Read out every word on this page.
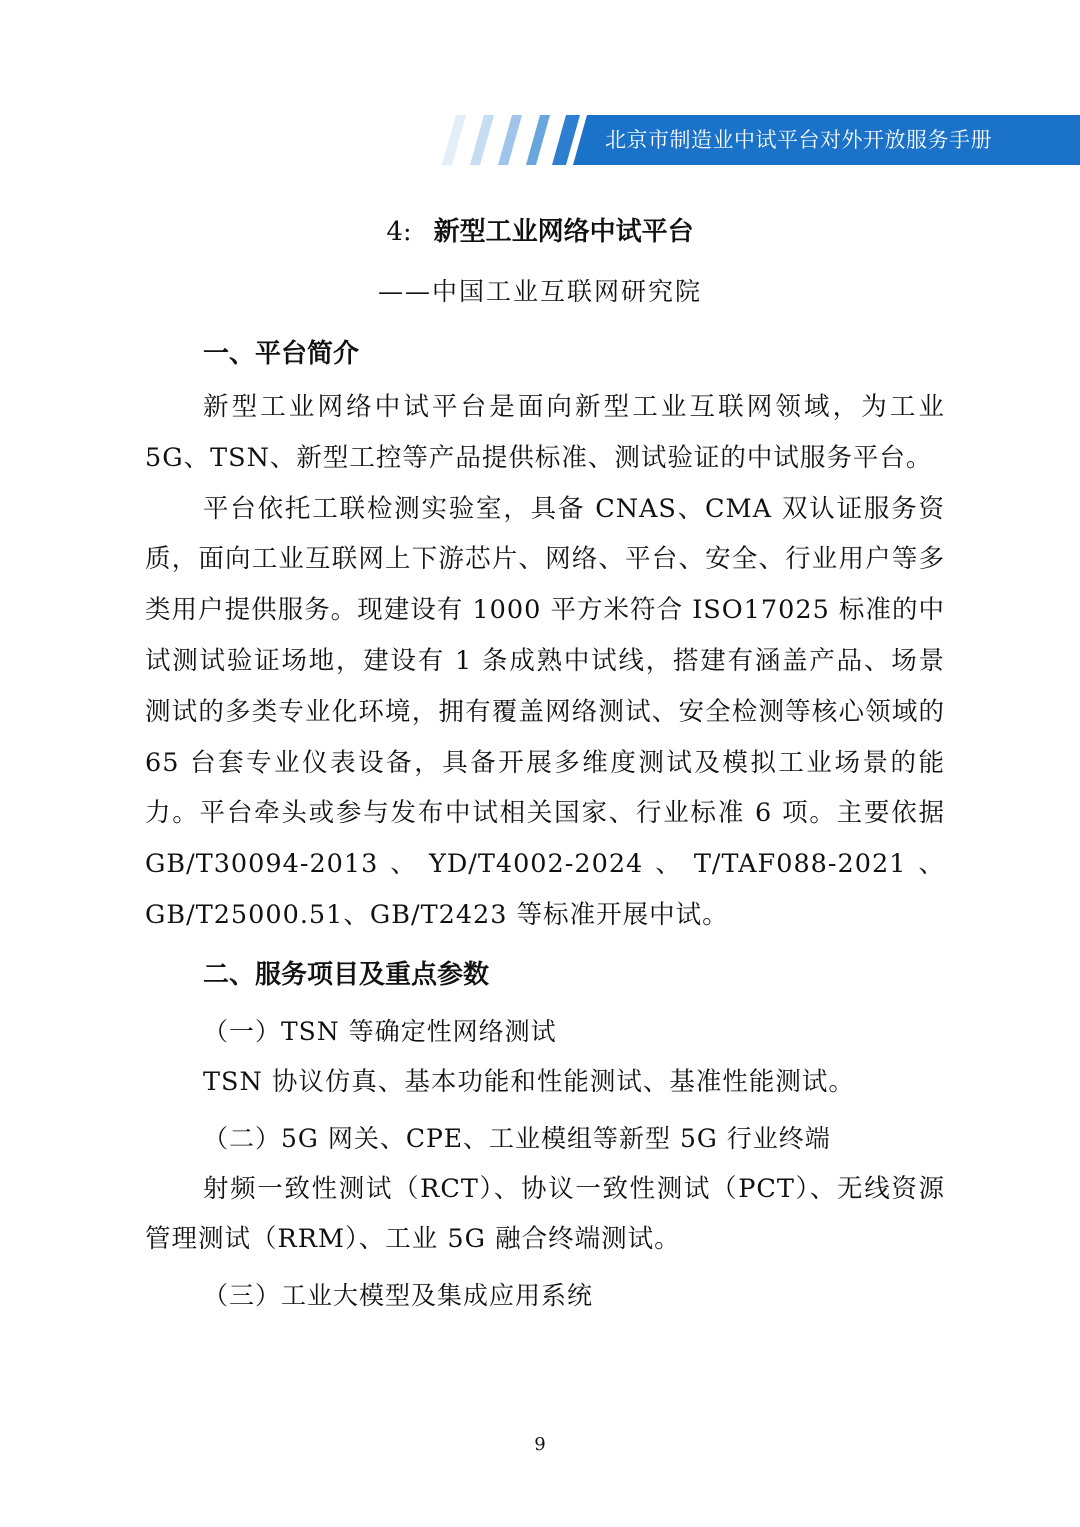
北京市制造业中试平台对外开放服务手册
4: 新型工业网络中试平台
——中国工业互联网研究院
一、平台简介

新型工业网络中试平台是面向新型工业互联网领域，为工业5G、TSN、新型工控等产品提供标准、测试验证的中试服务平台。

平台依托工联检测实验室，具备 CNAS、CMA 双认证服务资质，面向工业互联网上下游芯片、网络、平台、安全、行业用户等多类用户提供服务。现建设有 1000 平方米符合 ISO17025 标准的中试测试验证场地，建设有 1 条成熟中试线，搭建有涵盖产品、场景测试的多类专业化环境，拥有覆盖网络测试、安全检测等核心领域的 65 台套专业仪表设备，具备开展多维度测试及模拟工业场景的能力。平台牵头或参与发布中试相关国家、行业标准 6 项。主要依据 GB/T30094-2013、YD/T4002-2024、T/TAF088-2021、GB/T25000.51、GB/T2423 等标准开展中试。

二、服务项目及重点参数
（一）TSN 等确定性网络测试

TSN 协议仿真、基本功能和性能测试、基准性能测试。

（二）5G 网关、CPE、工业模组等新型 5G 行业终端

射频一致性测试（RCT）、协议一致性测试（PCT）、无线资源管理测试（RRM）、工业 5G 融合终端测试。

（三）工业大模型及集成应用系统
9
